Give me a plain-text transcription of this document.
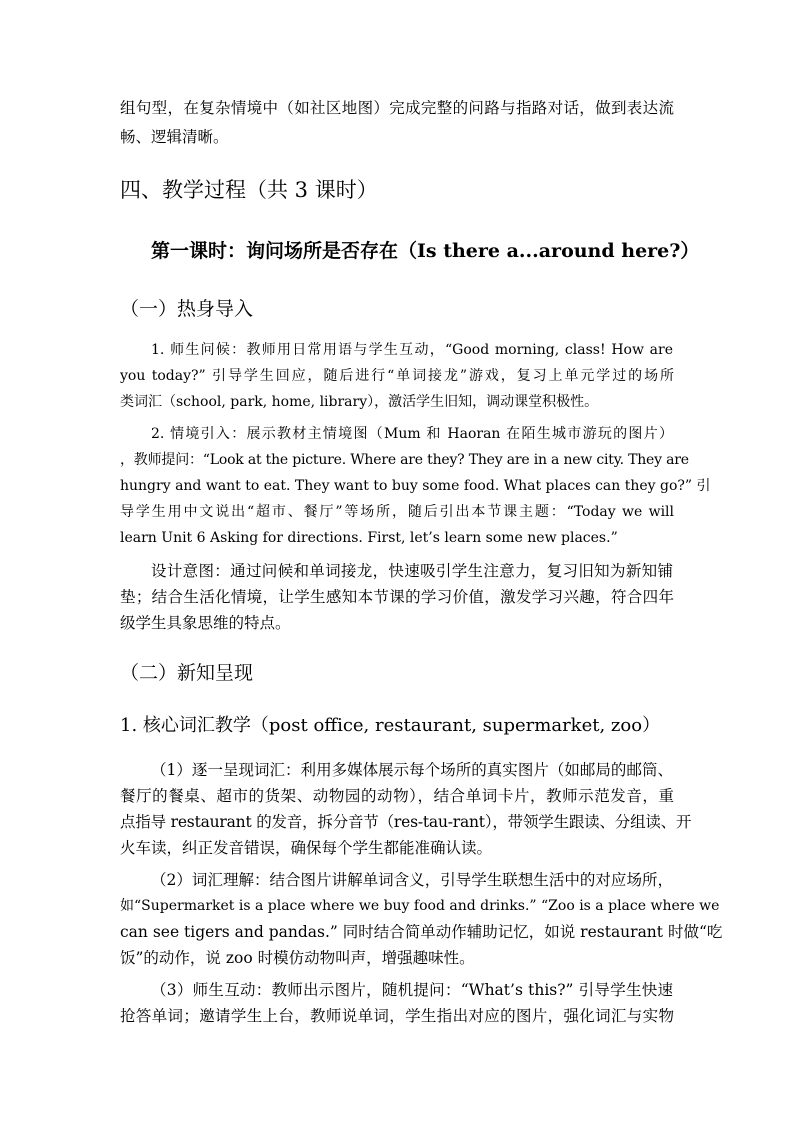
组句型，在复杂情境中（如社区地图）完成完整的问路与指路对话，做到表达流

畅、逻辑清晰。

四、教学过程（共 3 课时）
第一课时：询问场所是否存在（Is there a...around here?）
（一）热身导入

1. 师生问候：教师用日常用语与学生互动，“Good morning, class! How are

you today?” 引导学生回应，随后进行“单词接龙”游戏，复习上单元学过的场所

类词汇（school, park, home, library），激活学生旧知，调动课堂积极性。

2. 情境引入：展示教材主情境图（Mum 和 Haoran 在陌生城市游玩的图片）

，教师提问：“Look at the picture. Where are they? They are in a new city. They are

hungry and want to eat. They want to buy some food. What places can they go?” 引

导学生用中文说出“超市、餐厅”等场所，随后引出本节课主题：“Today we will

learn Unit 6 Asking for directions. First, let’s learn some new places.”

设计意图：通过问候和单词接龙，快速吸引学生注意力，复习旧知为新知铺

垫；结合生活化情境，让学生感知本节课的学习价值，激发学习兴趣，符合四年

级学生具象思维的特点。

（二）新知呈现
1. 核心词汇教学（post office, restaurant, supermarket, zoo）

（1）逐一呈现词汇：利用多媒体展示每个场所的真实图片（如邮局的邮筒、

餐厅的餐桌、超市的货架、动物园的动物），结合单词卡片，教师示范发音，重

点指导 restaurant 的发音，拆分音节（res-tau-rant），带领学生跟读、分组读、开

火车读，纠正发音错误，确保每个学生都能准确认读。

（2）词汇理解：结合图片讲解单词含义，引导学生联想生活中的对应场所，

如“Supermarket is a place where we buy food and drinks.” “Zoo is a place where we

can see tigers and pandas.” 同时结合简单动作辅助记忆，如说 restaurant 时做“吃

饭”的动作，说 zoo 时模仿动物叫声，增强趣味性。

（3）师生互动：教师出示图片，随机提问：“What’s this?” 引导学生快速

抢答单词；邀请学生上台，教师说单词，学生指出对应的图片，强化词汇与实物
